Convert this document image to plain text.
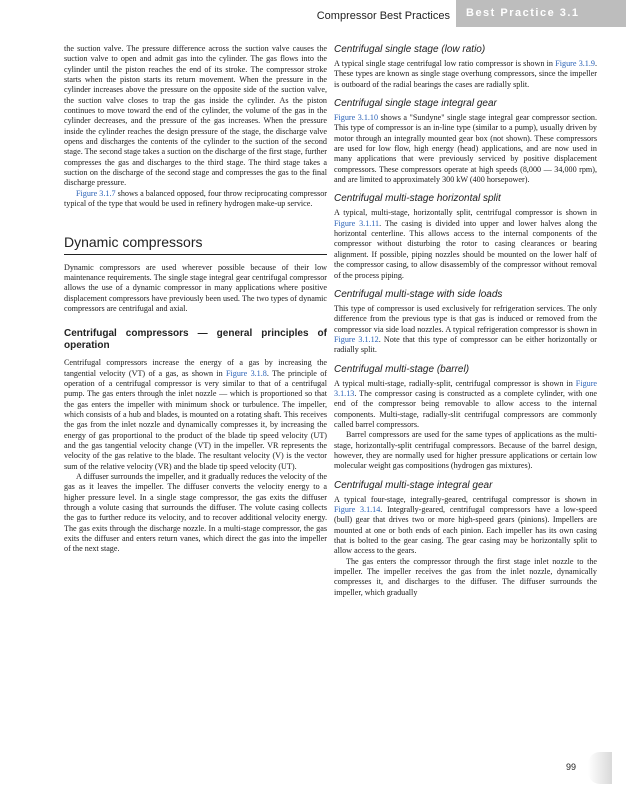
Compressor Best Practices Best Practice 3.1

the suction valve. The pressure difference across the suction valve causes the suction valve to open and admit gas into the cylinder. The gas flows into the cylinder until the piston reaches the end of its stroke. The compressor stroke starts when the piston starts its return movement. When the pressure in the cylinder increases above the pressure on the opposite side of the suction valve, the suction valve closes to trap the gas inside the cylinder. As the piston continues to move toward the end of the cylinder, the volume of the gas in the cylinder decreases, and the pressure of the gas increases. When the pressure inside the cylinder reaches the design pressure of the stage, the discharge valve opens and discharges the contents of the cylinder to the suction of the second stage. The second stage takes a suction on the discharge of the first stage, further compresses the gas and discharges to the third stage. The third stage takes a suction on the discharge of the second stage and compresses the gas to the final discharge pressure.

Figure 3.1.7 shows a balanced opposed, four throw reciprocating compressor typical of the type that would be used in refinery hydrogen make-up service.

Dynamic compressors

Dynamic compressors are used wherever possible because of their low maintenance requirements. The single stage integral gear centrifugal compressor allows the use of a dynamic compressor in many applications where positive displacement compressors have previously been used. The two types of dynamic compressors are centrifugal and axial.

Centrifugal compressors — general principles of operation

Centrifugal compressors increase the energy of a gas by increasing the tangential velocity (VT) of a gas, as shown in Figure 3.1.8. The principle of operation of a centrifugal compressor is very similar to that of a centrifugal pump. The gas enters through the inlet nozzle — which is proportioned so that the gas enters the impeller with minimum shock or turbulence. The impeller, which consists of a hub and blades, is mounted on a rotating shaft. This receives the gas from the inlet nozzle and dynamically compresses it, by increasing the energy of gas proportional to the product of the blade tip speed velocity (UT) and the gas tangential velocity change (VT) in the impeller. VR represents the velocity of the gas relative to the blade. The resultant velocity (V) is the vector sum of the relative velocity (VR) and the blade tip speed velocity (UT).

A diffuser surrounds the impeller, and it gradually reduces the velocity of the gas as it leaves the impeller. The diffuser converts the velocity energy to a higher pressure level. In a single stage compressor, the gas exits the diffuser through a volute casing that surrounds the diffuser. The volute casing collects the gas to further reduce its velocity, and to recover additional velocity energy. The gas exits through the discharge nozzle. In a multi-stage compressor, the gas exits the diffuser and enters return vanes, which direct the gas into the impeller of the next stage.

Centrifugal single stage (low ratio)

A typical single stage centrifugal low ratio compressor is shown in Figure 3.1.9. These types are known as single stage overhung compressors, since the impeller is outboard of the radial bearings the cases are radially split.

Centrifugal single stage integral gear

Figure 3.1.10 shows a "Sundyne" single stage integral gear compressor section. This type of compressor is an in-line type (similar to a pump), usually driven by motor through an integrally mounted gear box (not shown). These compressors are used for low flow, high energy (head) applications, and are now used in many applications that were previously serviced by positive displacement compressors. These compressors operate at high speeds (8,000 — 34,000 rpm), and are limited to approximately 300 kW (400 horsepower).

Centrifugal multi-stage horizontal split

A typical, multi-stage, horizontally split, centrifugal compressor is shown in Figure 3.1.11. The casing is divided into upper and lower halves along the horizontal centerline. This allows access to the internal components of the compressor without disturbing the rotor to casing clearances or bearing alignment. If possible, piping nozzles should be mounted on the lower half of the compressor casing, to allow disassembly of the compressor without removal of the process piping.

Centrifugal multi-stage with side loads

This type of compressor is used exclusively for refrigeration services. The only difference from the previous type is that gas is induced or removed from the compressor via side load nozzles. A typical refrigeration compressor is shown in Figure 3.1.12. Note that this type of compressor can be either horizontally or radially split.

Centrifugal multi-stage (barrel)

A typical multi-stage, radially-split, centrifugal compressor is shown in Figure 3.1.13. The compressor casing is constructed as a complete cylinder, with one end of the compressor being removable to allow access to the internal components. Multi-stage, radially-slit centrifugal compressors are commonly called barrel compressors.

Barrel compressors are used for the same types of applications as the multi-stage, horizontally-split centrifugal compressors. Because of the barrel design, however, they are normally used for higher pressure applications or certain low molecular weight gas compositions (hydrogen gas mixtures).

Centrifugal multi-stage integral gear

A typical four-stage, integrally-geared, centrifugal compressor is shown in Figure 3.1.14. Integrally-geared, centrifugal compressors have a low-speed (bull) gear that drives two or more high-speed gears (pinions). Impellers are mounted at one or both ends of each pinion. Each impeller has its own casing that is bolted to the gear casing. The gear casing may be horizontally split to allow access to the gears.

The gas enters the compressor through the first stage inlet nozzle to the impeller. The impeller receives the gas from the inlet nozzle, dynamically compresses it, and discharges to the diffuser. The diffuser surrounds the impeller, which gradually

99
